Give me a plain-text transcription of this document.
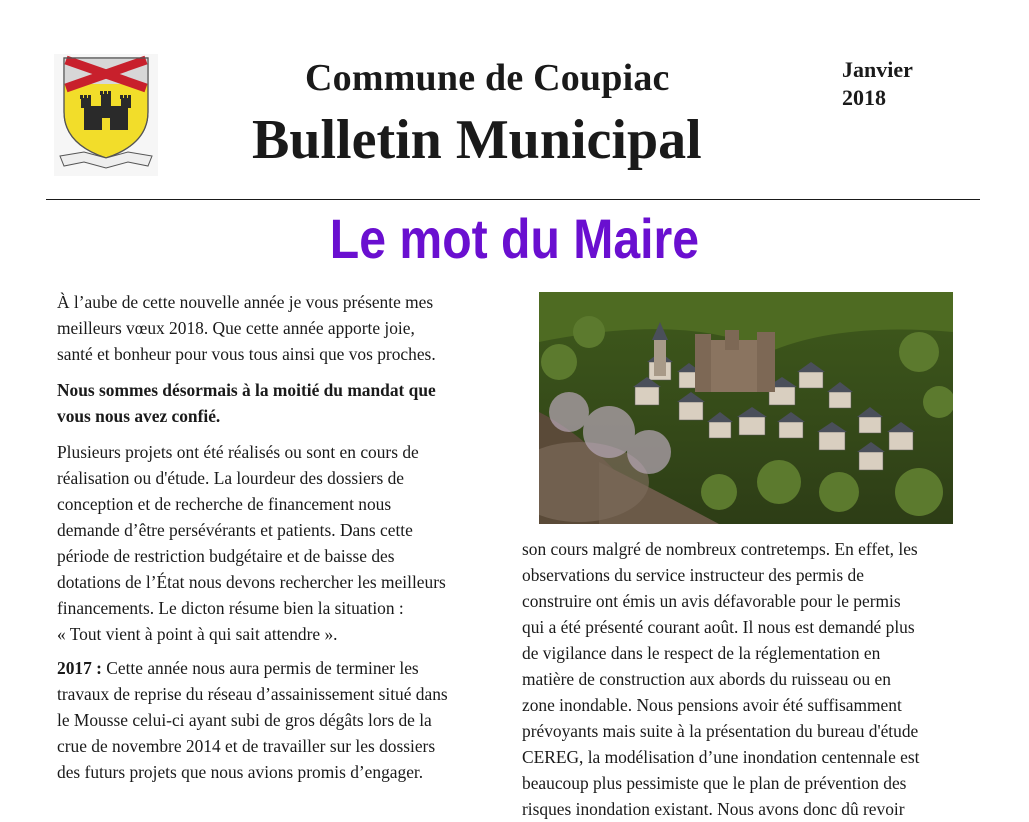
Commune de Coupiac
Bulletin Municipal
Janvier
2018
Le mot du Maire

À l’aube de cette nouvelle année je vous présente mes
meilleurs vœux 2018. Que cette année apporte joie,
santé et bonheur pour vous tous ainsi que vos proches.

Nous sommes désormais à la moitié du mandat que
vous nous avez confié.

Plusieurs projets ont été réalisés ou sont en cours de
réalisation ou d'étude. La lourdeur des dossiers de
conception et de recherche de financement nous
demande d’être persévérants et patients. Dans cette
période de restriction budgétaire et de baisse des
dotations de l’État nous devons rechercher les meilleurs
financements. Le dicton résume bien la situation :
« Tout vient à point à qui sait attendre ».

2017 : Cette année nous aura permis de terminer les
travaux de reprise du réseau d’assainissement situé dans
le Mousse celui-ci ayant subi de gros dégâts lors de la
crue de novembre 2014 et de travailler sur les dossiers
des futurs projets que nous avions promis d’engager.

son cours malgré de nombreux contretemps. En effet, les
observations du service instructeur des permis de
construire ont émis un avis défavorable pour le permis
qui a été présenté courant août. Il nous est demandé plus
de vigilance dans le respect de la réglementation en
matière de construction aux abords du ruisseau ou en
zone inondable. Nous pensions avoir été suffisamment
prévoyants mais suite à la présentation du bureau d'étude
CEREG, la modélisation d’une inondation centennale est
beaucoup plus pessimiste que le plan de prévention des
risques inondation existant. Nous avons donc dû revoir
